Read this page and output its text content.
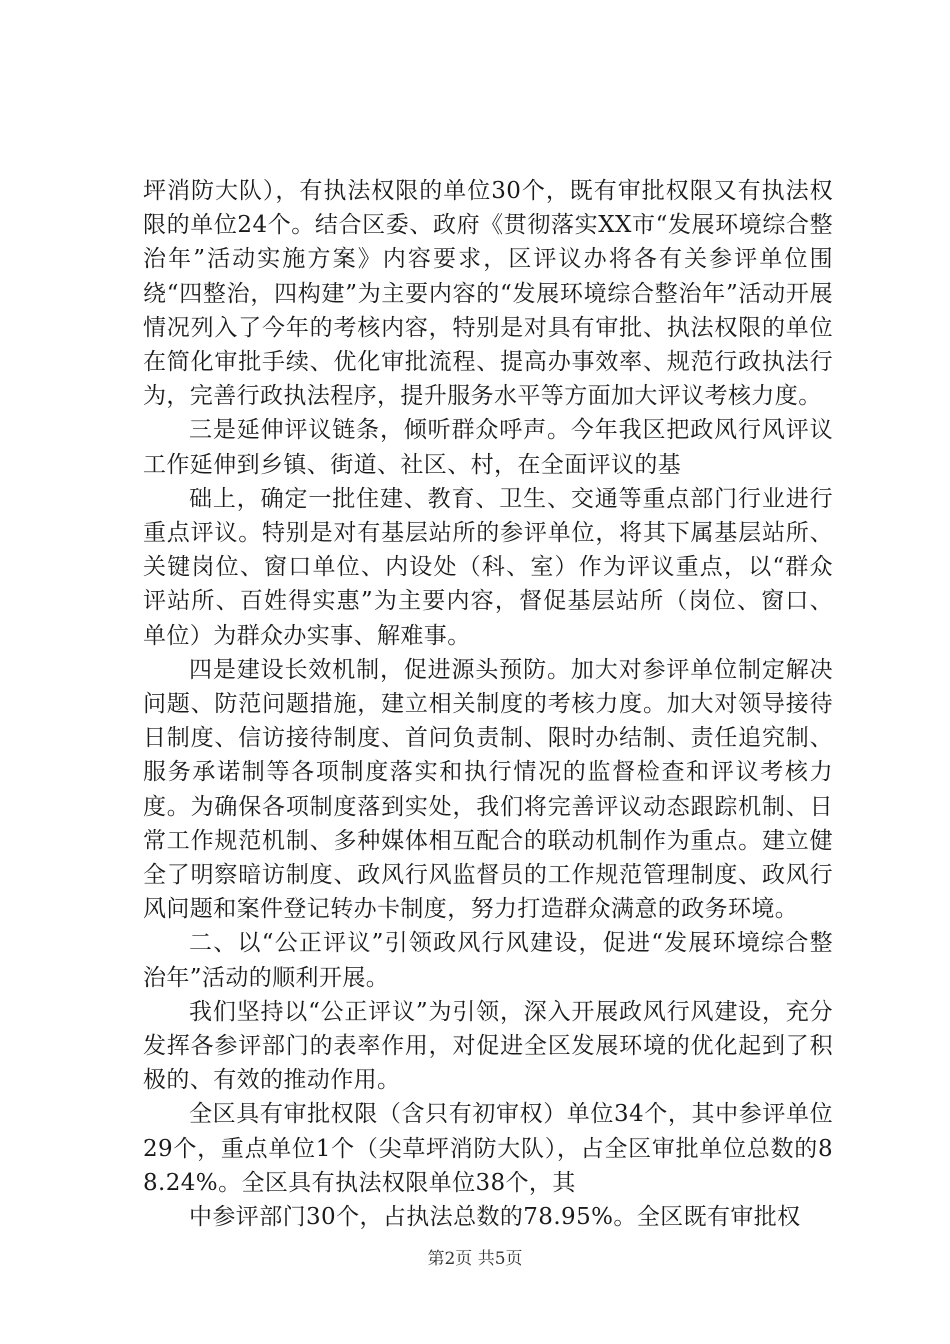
坪消防大队），有执法权限的单位30个，既有审批权限又有执法权限的单位24个。结合区委、政府《贯彻落实XX市“发展环境综合整治年”活动实施方案》内容要求，区评议办将各有关参评单位围绕“四整治，四构建”为主要内容的“发展环境综合整治年”活动开展情况列入了今年的考核内容，特别是对具有审批、执法权限的单位在简化审批手续、优化审批流程、提高办事效率、规范行政执法行为，完善行政执法程序，提升服务水平等方面加大评议考核力度。

三是延伸评议链条，倾听群众呼声。今年我区把政风行风评议工作延伸到乡镇、街道、社区、村，在全面评议的基

础上，确定一批住建、教育、卫生、交通等重点部门行业进行重点评议。特别是对有基层站所的参评单位，将其下属基层站所、关键岗位、窗口单位、内设处（科、室）作为评议重点，以“群众评站所、百姓得实惠”为主要内容，督促基层站所（岗位、窗口、单位）为群众办实事、解难事。

四是建设长效机制，促进源头预防。加大对参评单位制定解决问题、防范问题措施，建立相关制度的考核力度。加大对领导接待日制度、信访接待制度、首问负责制、限时办结制、责任追究制、服务承诺制等各项制度落实和执行情况的监督检查和评议考核力度。为确保各项制度落到实处，我们将完善评议动态跟踪机制、日常工作规范机制、多种媒体相互配合的联动机制作为重点。建立健全了明察暗访制度、政风行风监督员的工作规范管理制度、政风行风问题和案件登记转办卡制度，努力打造群众满意的政务环境。

二、以“公正评议”引领政风行风建设，促进“发展环境综合整治年”活动的顺利开展。

我们坚持以“公正评议”为引领，深入开展政风行风建设，充分发挥各参评部门的表率作用，对促进全区发展环境的优化起到了积极的、有效的推动作用。

全区具有审批权限（含只有初审权）单位34个，其中参评单位29个，重点单位1个（尖草坪消防大队），占全区审批单位总数的88.24%。全区具有执法权限单位38个，其

中参评部门30个，占执法总数的78.95%。全区既有审批权

第2页 共5页
